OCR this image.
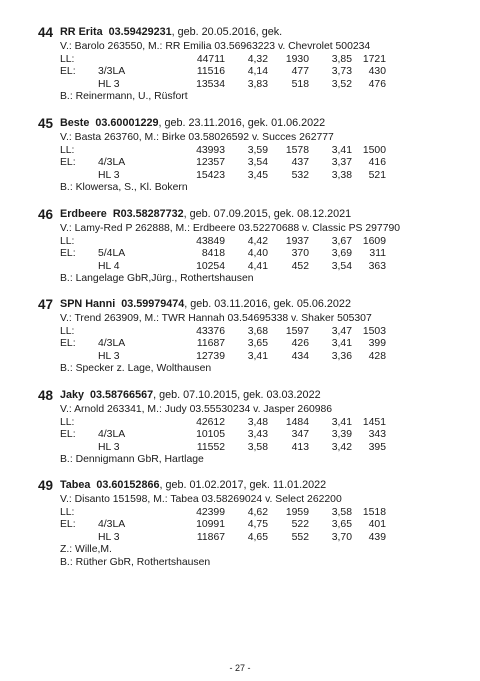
44 RR Erita 03.59429231, geb. 20.05.2016, gek.
V.: Barolo 263550, M.: RR Emilia 03.56963223 v. Chevrolet 500234
LL:	44711 4,32 1930 3,85 1721
EL: 3/3LA	11516 4,14 477 3,73 430
HL 3	13534 3,83 518 3,52 476
B.: Reinermann, U., Rüsfort
45 Beste 03.60001229, geb. 23.11.2016, gek. 01.06.2022
V.: Basta 263760, M.: Birke 03.58026592 v. Succes 262777
LL:	43993 3,59 1578 3,41 1500
EL: 4/3LA	12357 3,54 437 3,37 416
HL 3	15423 3,45 532 3,38 521
B.: Klowersa, S., Kl. Bokern
46 Erdbeere R03.58287732, geb. 07.09.2015, gek. 08.12.2021
V.: Lamy-Red P 262888, M.: Erdbeere 03.52270688 v. Classic PS 297790
LL:	43849 4,42 1937 3,67 1609
EL: 5/4LA	8418 4,40 370 3,69 311
HL 4	10254 4,41 452 3,54 363
B.: Langelage GbR,Jürg., Rothertshausen
47 SPN Hanni 03.59979474, geb. 03.11.2016, gek. 05.06.2022
V.: Trend 263909, M.: TWR Hannah 03.54695338 v. Shaker 505307
LL:	43376 3,68 1597 3,47 1503
EL: 4/3LA	11687 3,65 426 3,41 399
HL 3	12739 3,41 434 3,36 428
B.: Specker z. Lage, Wolthausen
48 Jaky 03.58766567, geb. 07.10.2015, gek. 03.03.2022
V.: Arnold 263341, M.: Judy 03.55530234 v. Jasper 260986
LL:	42612 3,48 1484 3,41 1451
EL: 4/3LA	10105 3,43 347 3,39 343
HL 3	11552 3,58 413 3,42 395
B.: Dennigmann GbR, Hartlage
49 Tabea 03.60152866, geb. 01.02.2017, gek. 11.01.2022
V.: Disanto 151598, M.: Tabea 03.58269024 v. Select 262200
LL:	42399 4,62 1959 3,58 1518
EL: 4/3LA	10991 4,75 522 3,65 401
HL 3	11867 4,65 552 3,70 439
Z.: Wille,M.
B.: Rüther GbR, Rothertshausen
- 27 -
